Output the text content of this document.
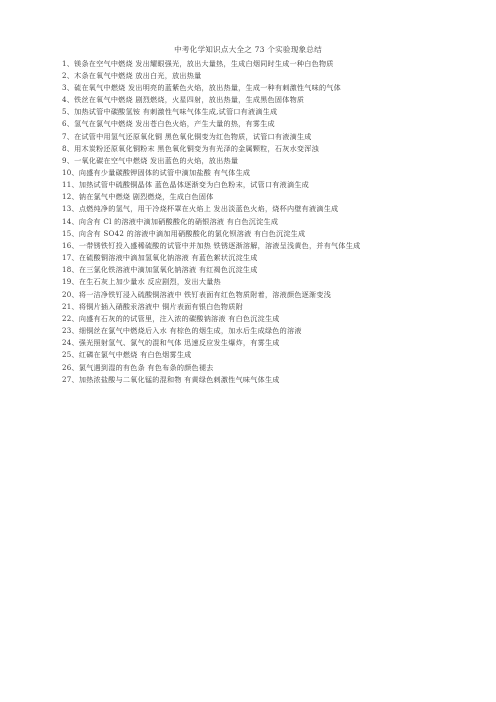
中考化学知识点大全之 73 个实验现象总结
1、镁条在空气中燃烧 发出耀眼强光，放出大量热，生成白烟同时生成一种白色物质
2、木条在氧气中燃烧 放出白光，放出热量
3、硫在氧气中燃烧 发出明亮的蓝紫色火焰，放出热量，生成一种有刺激性气味的气体
4、铁丝在氧气中燃烧 剧烈燃烧，火星四射，放出热量，生成黑色固体物质
5、加热试管中碳酸氢铵 有刺激性气味气体生成,试管口有液滴生成
6、氢气在氯气中燃烧 发出苍白色火焰，产生大量的热，有雾生成
7、在试管中用氢气还原氧化铜 黑色氧化铜变为红色物质，试管口有液滴生成
8、用木炭粉还原氧化铜粉末 黑色氧化铜变为有光泽的金属颗粒，石灰水变浑浊
9、一氧化碳在空气中燃烧 发出蓝色的火焰，放出热量
10、向盛有少量碳酸钾固体的试管中滴加盐酸 有气体生成
11、加热试管中硫酸铜晶体 蓝色晶体逐渐变为白色粉末，试管口有液滴生成
12、钠在氯气中燃烧 剧烈燃烧，生成白色固体
13、点燃纯净的氢气，用干冷烧杯罩在火焰上 发出淡蓝色火焰，烧杯内壁有液滴生成
14、向含有 Cl 的溶液中滴加硝酸酸化的硝银溶液 有白色沉淀生成
15、向含有 SO42 的溶液中滴加用硝酸酸化的氯化钡溶液 有白色沉淀生成
16、一带锈铁钉投入盛稀硫酸的试管中并加热 铁锈逐渐溶解，溶液呈浅黄色，并有气体生成
17、在硫酸铜溶液中滴加氢氧化钠溶液 有蓝色絮状沉淀生成
18、在三氯化铁溶液中滴加氢氧化钠溶液 有红褐色沉淀生成
19、在生石灰上加少量水 反应剧烈，发出大量热
20、将一洁净铁钉浸入硫酸铜溶液中 铁钉表面有红色物质附着，溶液颜色逐渐变浅
21、将铜片插入硝酸汞溶液中 铜片表面有银白色物质附
22、向盛有石灰的的试管里，注入浓的碳酸钠溶液 有白色沉淀生成
23、细铜丝在氯气中燃烧后入水 有棕色的烟生成，加水后生成绿色的溶液
24、强光照射氢气、氯气的混和气体 迅速反应发生爆炸，有雾生成
25、红磷在氯气中燃烧 有白色烟雾生成
26、氯气遇到湿的有色条 有色布条的颜色褪去
27、加热浓盐酸与二氧化锰的混和物 有黄绿色刺激性气味气体生成
